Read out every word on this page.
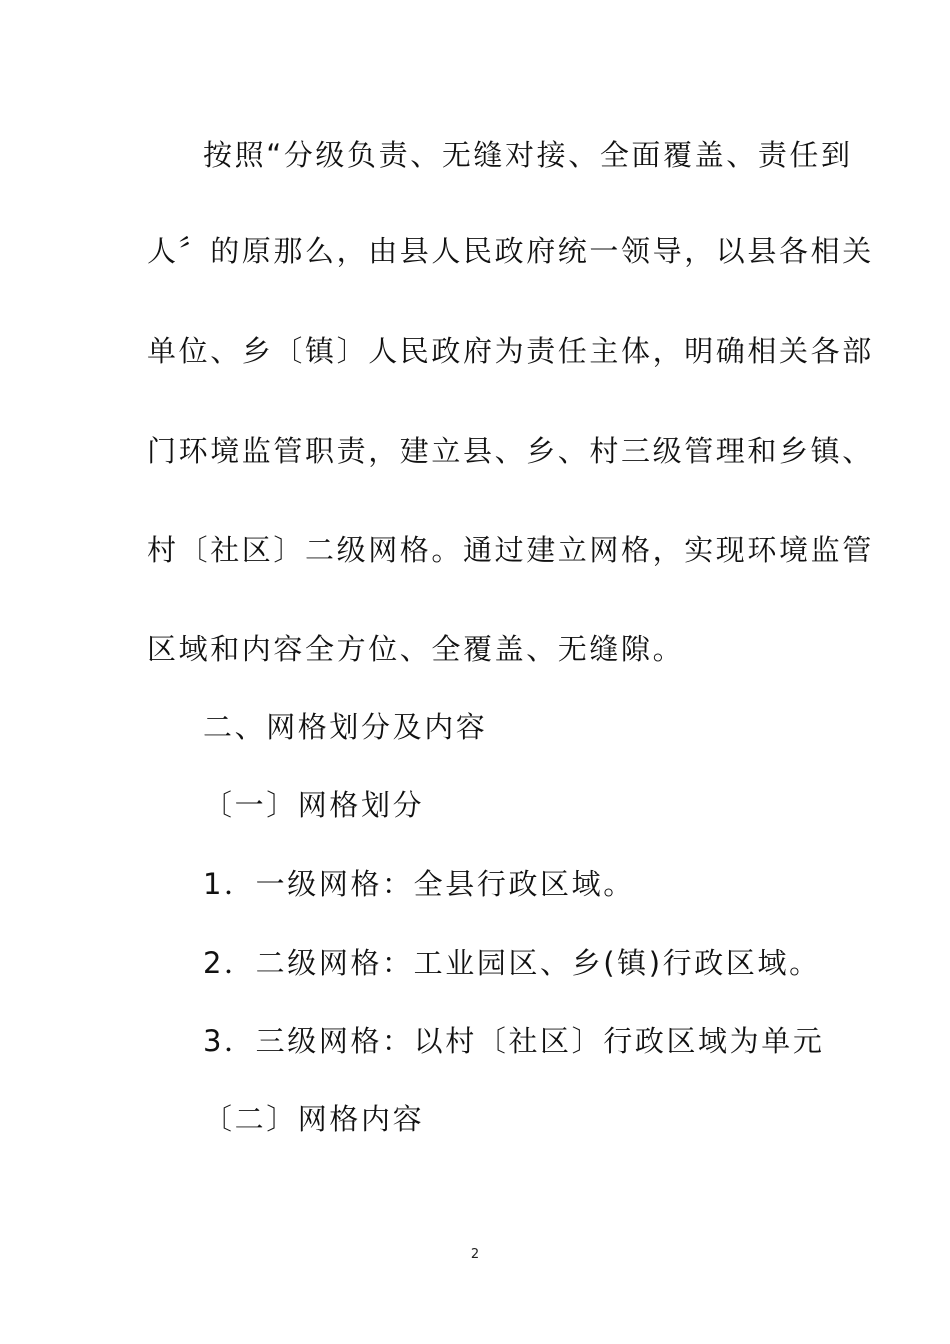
按照“分级负责、无缝对接、全面覆盖、责任到
人〞的原那么，由县人民政府统一领导，以县各相关
单位、乡〔镇〕人民政府为责任主体，明确相关各部
门环境监管职责，建立县、乡、村三级管理和乡镇、
村〔社区〕二级网格。通过建立网格，实现环境监管
区域和内容全方位、全覆盖、无缝隙。
二、网格划分及内容
〔一〕网格划分
1．一级网格：全县行政区域。
2．二级网格：工业园区、乡(镇)行政区域。
3．三级网格：以村〔社区〕行政区域为单元
〔二〕网格内容
2
